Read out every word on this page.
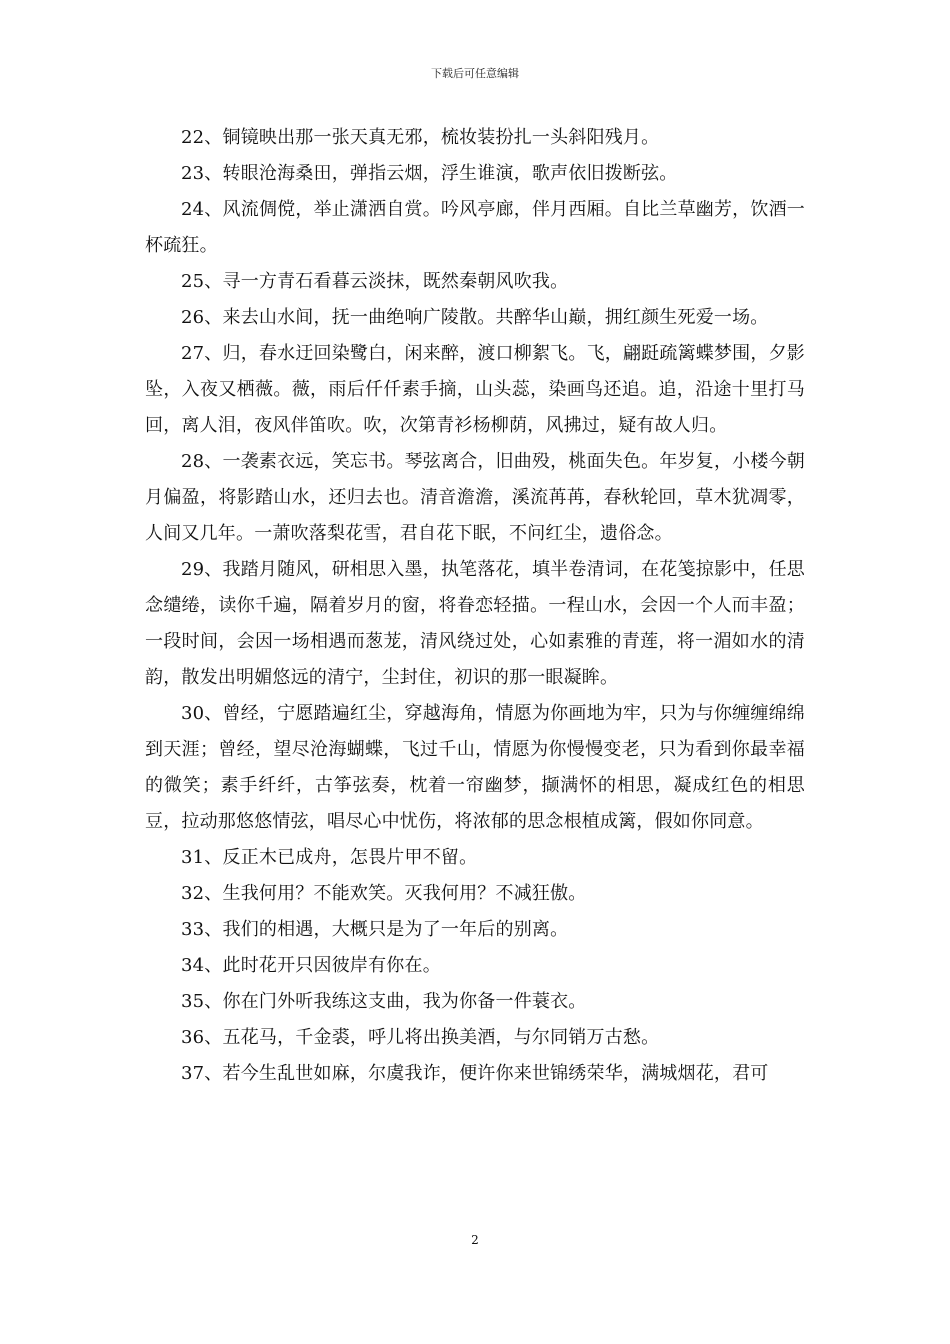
下载后可任意编辑

22、铜镜映出那一张天真无邪，梳妆装扮扎一头斜阳残月。

23、转眼沧海桑田，弹指云烟，浮生谁演，歌声依旧拨断弦。

24、风流倜傥，举止潇洒自赏。吟风亭廊，伴月西厢。自比兰草幽芳，饮酒一杯疏狂。

25、寻一方青石看暮云淡抹，既然秦朝风吹我。

26、来去山水间，抚一曲绝响广陵散。共醉华山巅，拥红颜生死爱一场。

27、归，春水迂回染鹭白，闲来醉，渡口柳絮飞。飞，翩跹疏篱蝶梦围，夕影坠，入夜又栖薇。薇，雨后仟仟素手摘，山头蕊，染画鸟还追。追，沿途十里打马回，离人泪，夜风伴笛吹。吹，次第青衫杨柳荫，风拂过，疑有故人归。

28、一袭素衣远，笑忘书。琴弦离合，旧曲殁，桃面失色。年岁复，小楼今朝月偏盈，将影踏山水，还归去也。清音澹澹，溪流苒苒，春秋轮回，草木犹凋零，人间又几年。一萧吹落梨花雪，君自花下眠，不问红尘，遗俗念。

29、我踏月随风，研相思入墨，执笔落花，填半卷清词，在花笺掠影中，任思念缱绻，读你千遍，隔着岁月的窗，将眷恋轻描。一程山水，会因一个人而丰盈；一段时间，会因一场相遇而葱茏，清风绕过处，心如素雅的青莲，将一湄如水的清韵，散发出明媚悠远的清宁，尘封住，初识的那一眼凝眸。

30、曾经，宁愿踏遍红尘，穿越海角，情愿为你画地为牢，只为与你缠缠绵绵到天涯；曾经，望尽沧海蝴蝶，飞过千山，情愿为你慢慢变老，只为看到你最幸福的微笑；素手纤纤，古筝弦奏，枕着一帘幽梦，撷满怀的相思，凝成红色的相思豆，拉动那悠悠情弦，唱尽心中忧伤，将浓郁的思念根植成篱，假如你同意。

31、反正木已成舟，怎畏片甲不留。

32、生我何用？不能欢笑。灭我何用？不减狂傲。

33、我们的相遇，大概只是为了一年后的别离。

34、此时花开只因彼岸有你在。

35、你在门外听我练这支曲，我为你备一件蓑衣。

36、五花马，千金裘，呼儿将出换美酒，与尔同销万古愁。

37、若今生乱世如麻，尔虞我诈，便许你来世锦绣荣华，满城烟花，君可

2
